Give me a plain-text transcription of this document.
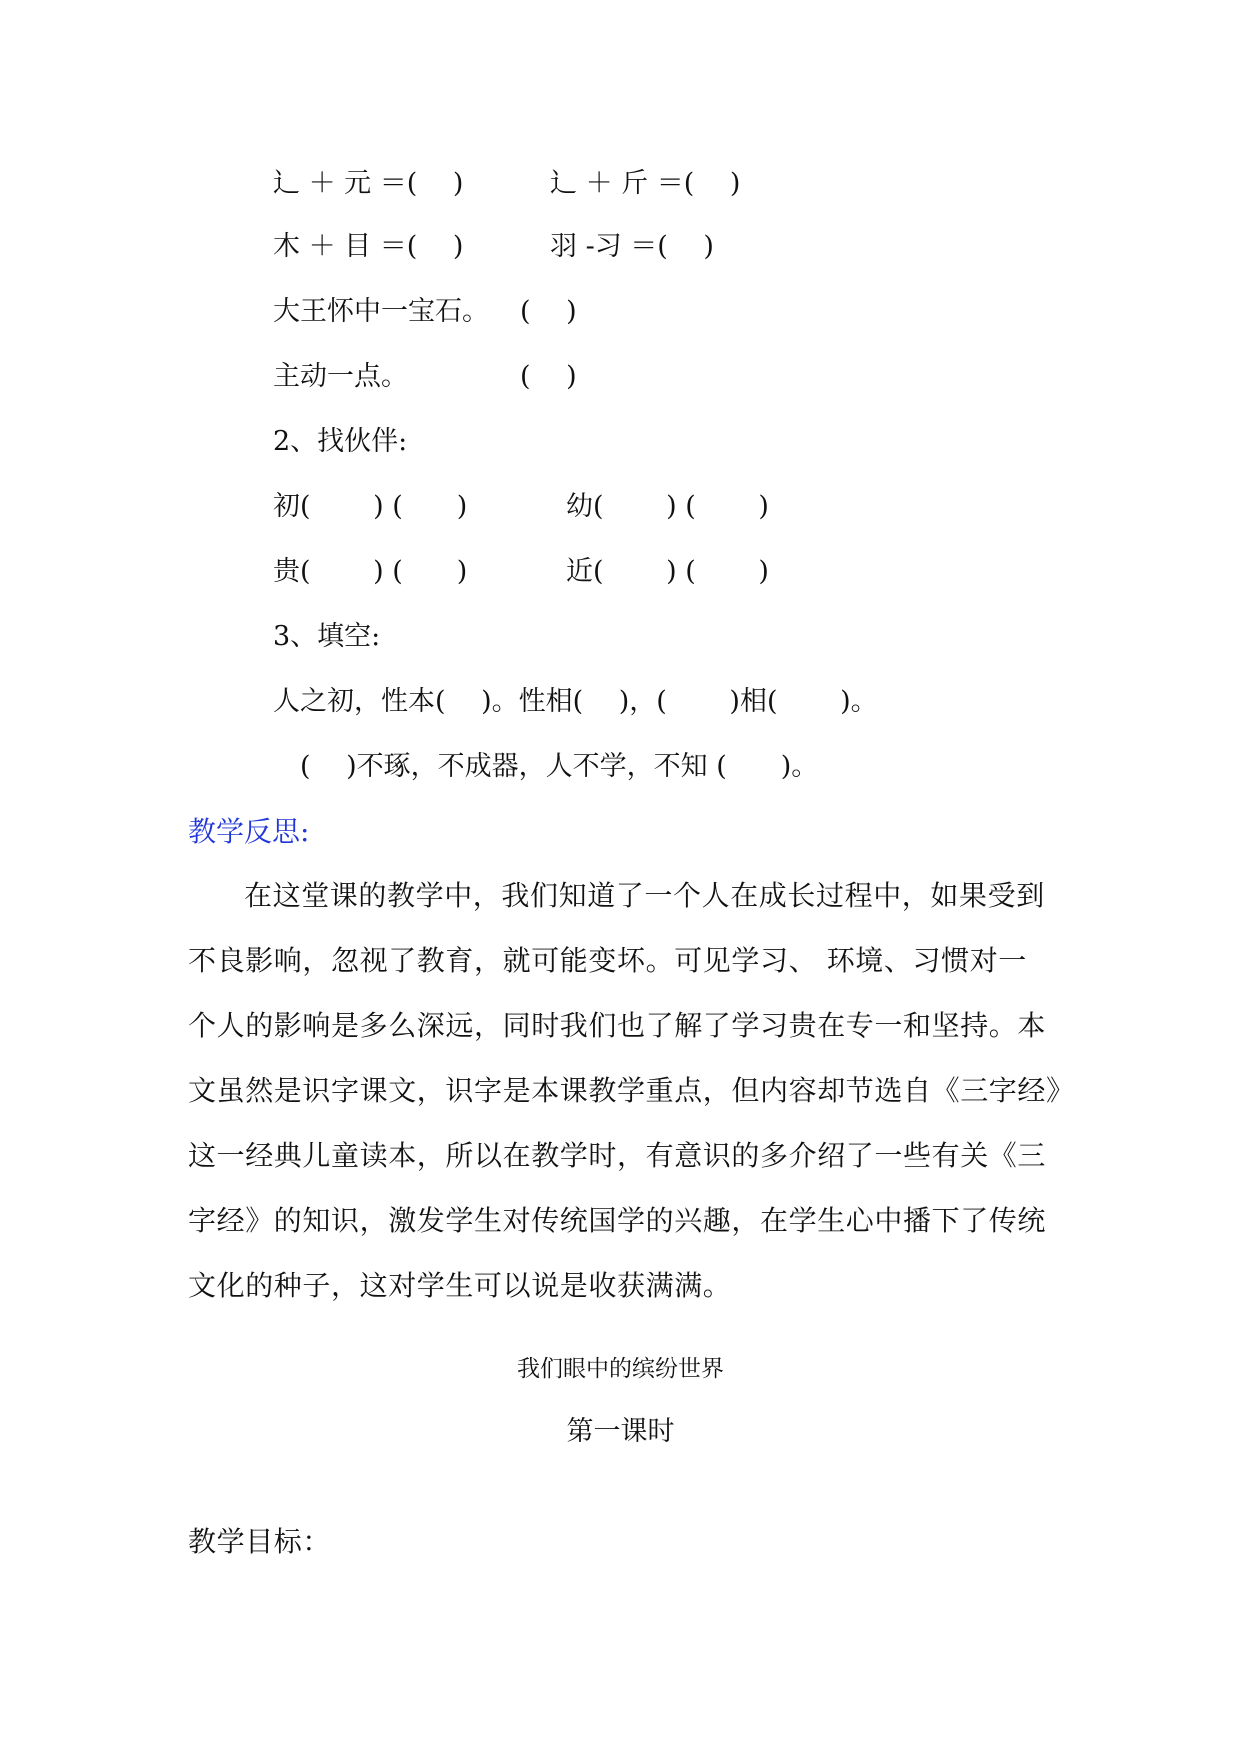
辶 ＋ 元 ＝(　 )	辶 ＋ 斤 ＝(　 )
木 ＋ 目 ＝(　 )	羽 -习 ＝(　 )
大王怀中一宝石。 (　 )
主动一点。	(　 )
2、找伙伴:
初(　　 ) (　　)	幼(　　 ) (　　 )
贵(　　 ) (　　)	近(　　 ) (　　 )
3、填空:
人之初，性本(　 )。性相(　 )，(　 　)相(　 　)。
(　 )不琢，不成器，人不学，不知 (　　)。
教学反思:
在这堂课的教学中，我们知道了一个人在成长过程中，如果受到
不良影响，忽视了教育，就可能变坏。可见学习、 环境、习惯对一
个人的影响是多么深远，同时我们也了解了学习贵在专一和坚持。本
文虽然是识字课文，识字是本课教学重点，但内容却节选自《三字经》
这一经典儿童读本，所以在教学时，有意识的多介绍了一些有关《三
字经》的知识，激发学生对传统国学的兴趣，在学生心中播下了传统
文化的种子，这对学生可以说是收获满满。
我们眼中的缤纷世界
第一课时
教学目标：
